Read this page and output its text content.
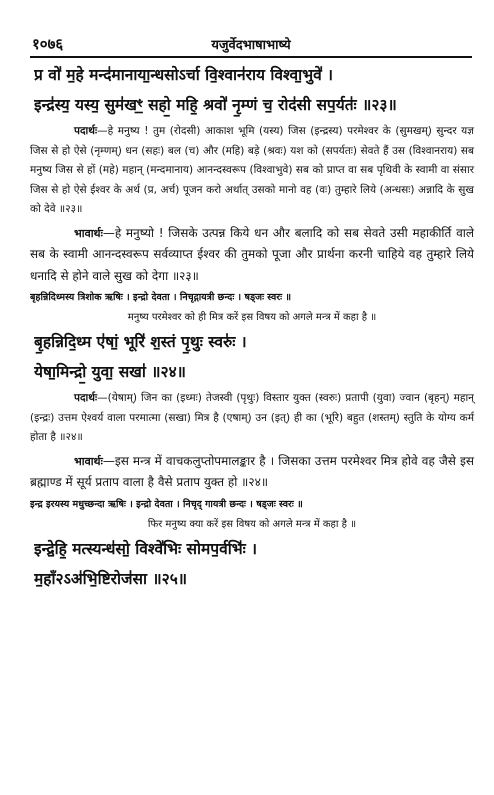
१०७६	यजुर्वेदभाषाभाष्ये
प्र वो॑ म॒हे मन्द॑मानाया॒न्धसोऽर्चा वि॒श्वान॑राय विश्वा॒भुवे॑ ।
इन्द्र॑स्य॒ यस्य॒ सुम॑खꣳ॒ सहो॒ महि॒ श्रवो॑ नृ॒म्णं च॒ रोद॑सी सप॒र्यतः॑ ॥२३॥

पदार्थः—हे मनुष्य ! तुम (रोदसी) आकाश भूमि (यस्य) जिस (इन्द्रस्य) परमेश्वर के (सुमखम्) सुन्दर यज्ञ जिस से हो ऐसे (नृम्णम्) धन (सहः) बल (च) और (महि) बड़े (श्रवः) यश को (सपर्यतः) सेवते हैं उस (विश्वानराय) सब मनुष्य जिस से हों (महे) महान् (मन्दमानाय) आनन्दस्वरूप (विश्वाभुवे) सब को प्राप्त वा सब पृथिवी के स्वामी वा संसार जिस से हो ऐसे ईश्वर के अर्थ (प्र, अर्च) पूजन करो अर्थात् उसको मानो वह (वः) तुम्हारे लिये (अन्धसः) अन्नादि के सुख को देवे ॥२३॥

भावार्थः—हे मनुष्यो ! जिसके उत्पन्न किये धन और बलादि को सब सेवते उसी महाकीर्ति वाले सब के स्वामी आनन्दस्वरूप सर्वव्याप्त ईश्वर की तुमको पूजा और प्रार्थना करनी चाहिये वह तुम्हारे लिये धनादि से होने वाले सुख को देगा ॥२३॥

बृहन्निदिध्मस्य त्रिशोक ऋषिः । इन्द्रो देवता । निचृद्गायत्री छन्दः । षड्जः स्वरः ॥
मनुष्य परमेश्वर को ही मित्र करें इस विषय को अगले मन्त्र में कहा है ॥
बृ॒हन्निदि॒ध्म ए॑षां॒ भूरि॑ श॒स्तं पृ॒थुः स्वरुः॑ ।
येषा॒मिन्द्रो॒ युवा॒ सखा॑ ॥२४॥

पदार्थः—(येषाम्) जिन का (इध्मः) तेजस्वी (पृथुः) विस्तार युक्त (स्वरुः) प्रतापी (युवा) ज्वान (बृहन्) महान् (इन्द्रः) उत्तम ऐश्वर्य वाला परमात्मा (सखा) मित्र है (एषाम्) उन (इत्) ही का (भूरि) बहुत (शस्तम्) स्तुति के योग्य कर्म होता है ॥२४॥

भावार्थः—इस मन्त्र में वाचकलुप्तोपमालङ्कार है । जिसका उत्तम परमेश्वर मित्र होवे वह जैसे इस ब्रह्माण्ड में सूर्य प्रताप वाला है वैसे प्रताप युक्त हो ॥२४॥

इन्द्र इरयस्य मधुच्छन्दा ऋषिः । इन्द्रो देवता । निचृद् गायत्री छन्दः । षड्जः स्वरः ॥
फिर मनुष्य क्या करें इस विषय को अगले मन्त्र में कहा है ॥
इन्द्रे॒हि॒ मत्स्यन्ध॑सो॒ विश्वे॑भिः सोमप॒र्वभिः॑ ।
म॒हाँ२ऽअ॑भि॒ष्टिरोज॑सा ॥२५॥
